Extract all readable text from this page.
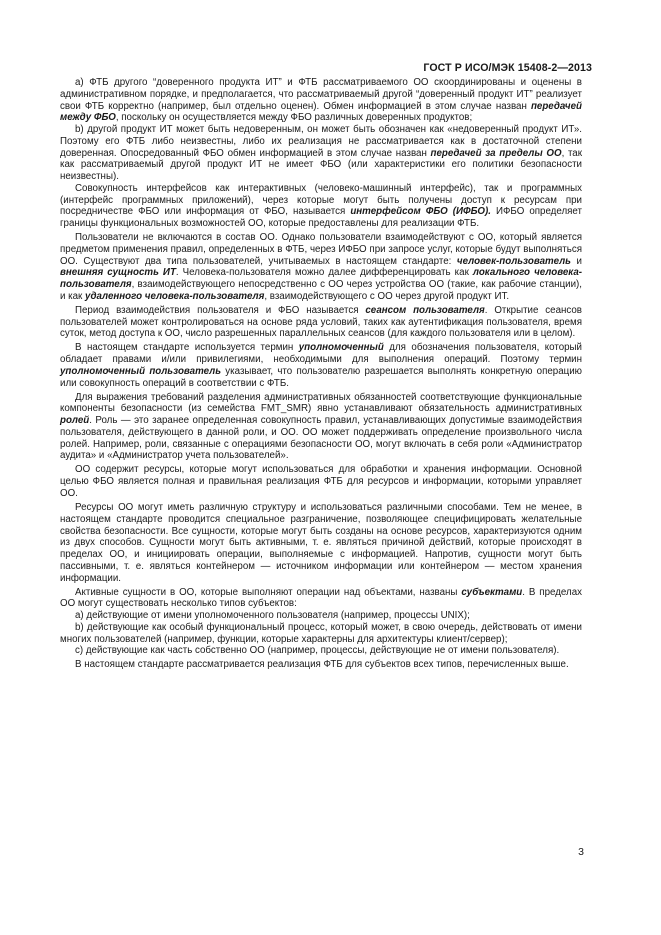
ГОСТ Р ИСО/МЭК 15408-2—2013

a) ФТБ другого “доверенного продукта ИТ” и ФТБ рассматриваемого ОО скоординированы и оценены в административном порядке, и предполагается, что рассматриваемый другой “доверенный продукт ИТ” реализует свои ФТБ корректно (например, был отдельно оценен). Обмен информацией в этом случае назван передачей между ФБО, поскольку он осуществляется между ФБО различных доверенных продуктов;

b) другой продукт ИТ может быть недоверенным, он может быть обозначен как «недоверенный продукт ИТ». Поэтому его ФТБ либо неизвестны, либо их реализация не рассматривается как в достаточной степени доверенная. Опосредованный ФБО обмен информацией в этом случае назван передачей за пределы ОО, так как рассматриваемый другой продукт ИТ не имеет ФБО (или характеристики его политики безопасности неизвестны).

Совокупность интерфейсов как интерактивных (человеко-машинный интерфейс), так и программных (интерфейс программных приложений), через которые могут быть получены доступ к ресурсам при посредничестве ФБО или информация от ФБО, называется интерфейсом ФБО (ИФБО). ИФБО определяет границы функциональных возможностей ОО, которые предоставлены для реализации ФТБ.

Пользователи не включаются в состав ОО. Однако пользователи взаимодействуют с ОО, который является предметом применения правил, определенных в ФТБ, через ИФБО при запросе услуг, которые будут выполняться ОО. Существуют два типа пользователей, учитываемых в настоящем стандарте: человек-пользователь и внешняя сущность ИТ. Человека-пользователя можно далее дифференцировать как локального человека-пользователя, взаимодействующего непосредственно с ОО через устройства ОО (такие, как рабочие станции), и как удаленного человека-пользователя, взаимодействующего с ОО через другой продукт ИТ.

Период взаимодействия пользователя и ФБО называется сеансом пользователя. Открытие сеансов пользователей может контролироваться на основе ряда условий, таких как аутентификация пользователя, время суток, метод доступа к ОО, число разрешенных параллельных сеансов (для каждого пользователя или в целом).

В настоящем стандарте используется термин уполномоченный для обозначения пользователя, который обладает правами и/или привилегиями, необходимыми для выполнения операций. Поэтому термин уполномоченный пользователь указывает, что пользователю разрешается выполнять конкретную операцию или совокупность операций в соответствии с ФТБ.

Для выражения требований разделения административных обязанностей соответствующие функциональные компоненты безопасности (из семейства FMT_SMR) явно устанавливают обязательность административных ролей. Роль — это заранее определенная совокупность правил, устанавливающих допустимые взаимодействия пользователя, действующего в данной роли, и ОО. ОО может поддерживать определение произвольного числа ролей. Например, роли, связанные с операциями безопасности ОО, могут включать в себя роли «Администратор аудита» и «Администратор учета пользователей».

ОО содержит ресурсы, которые могут использоваться для обработки и хранения информации. Основной целью ФБО является полная и правильная реализация ФТБ для ресурсов и информации, которыми управляет ОО.

Ресурсы ОО могут иметь различную структуру и использоваться различными способами. Тем не менее, в настоящем стандарте проводится специальное разграничение, позволяющее специфицировать желательные свойства безопасности. Все сущности, которые могут быть созданы на основе ресурсов, характеризуются одним из двух способов. Сущности могут быть активными, т. е. являться причиной действий, которые происходят в пределах ОО, и инициировать операции, выполняемые с информацией. Напротив, сущности могут быть пассивными, т. е. являться контейнером — источником информации или контейнером — местом хранения информации.

Активные сущности в ОО, которые выполняют операции над объектами, названы субъектами. В пределах ОО могут существовать несколько типов субъектов:

a) действующие от имени уполномоченного пользователя (например, процессы UNIX);

b) действующие как особый функциональный процесс, который может, в свою очередь, действовать от имени многих пользователей (например, функции, которые характерны для архитектуры клиент/сервер);

c) действующие как часть собственно ОО (например, процессы, действующие не от имени пользователя).

В настоящем стандарте рассматривается реализация ФТБ для субъектов всех типов, перечисленных выше.

3
